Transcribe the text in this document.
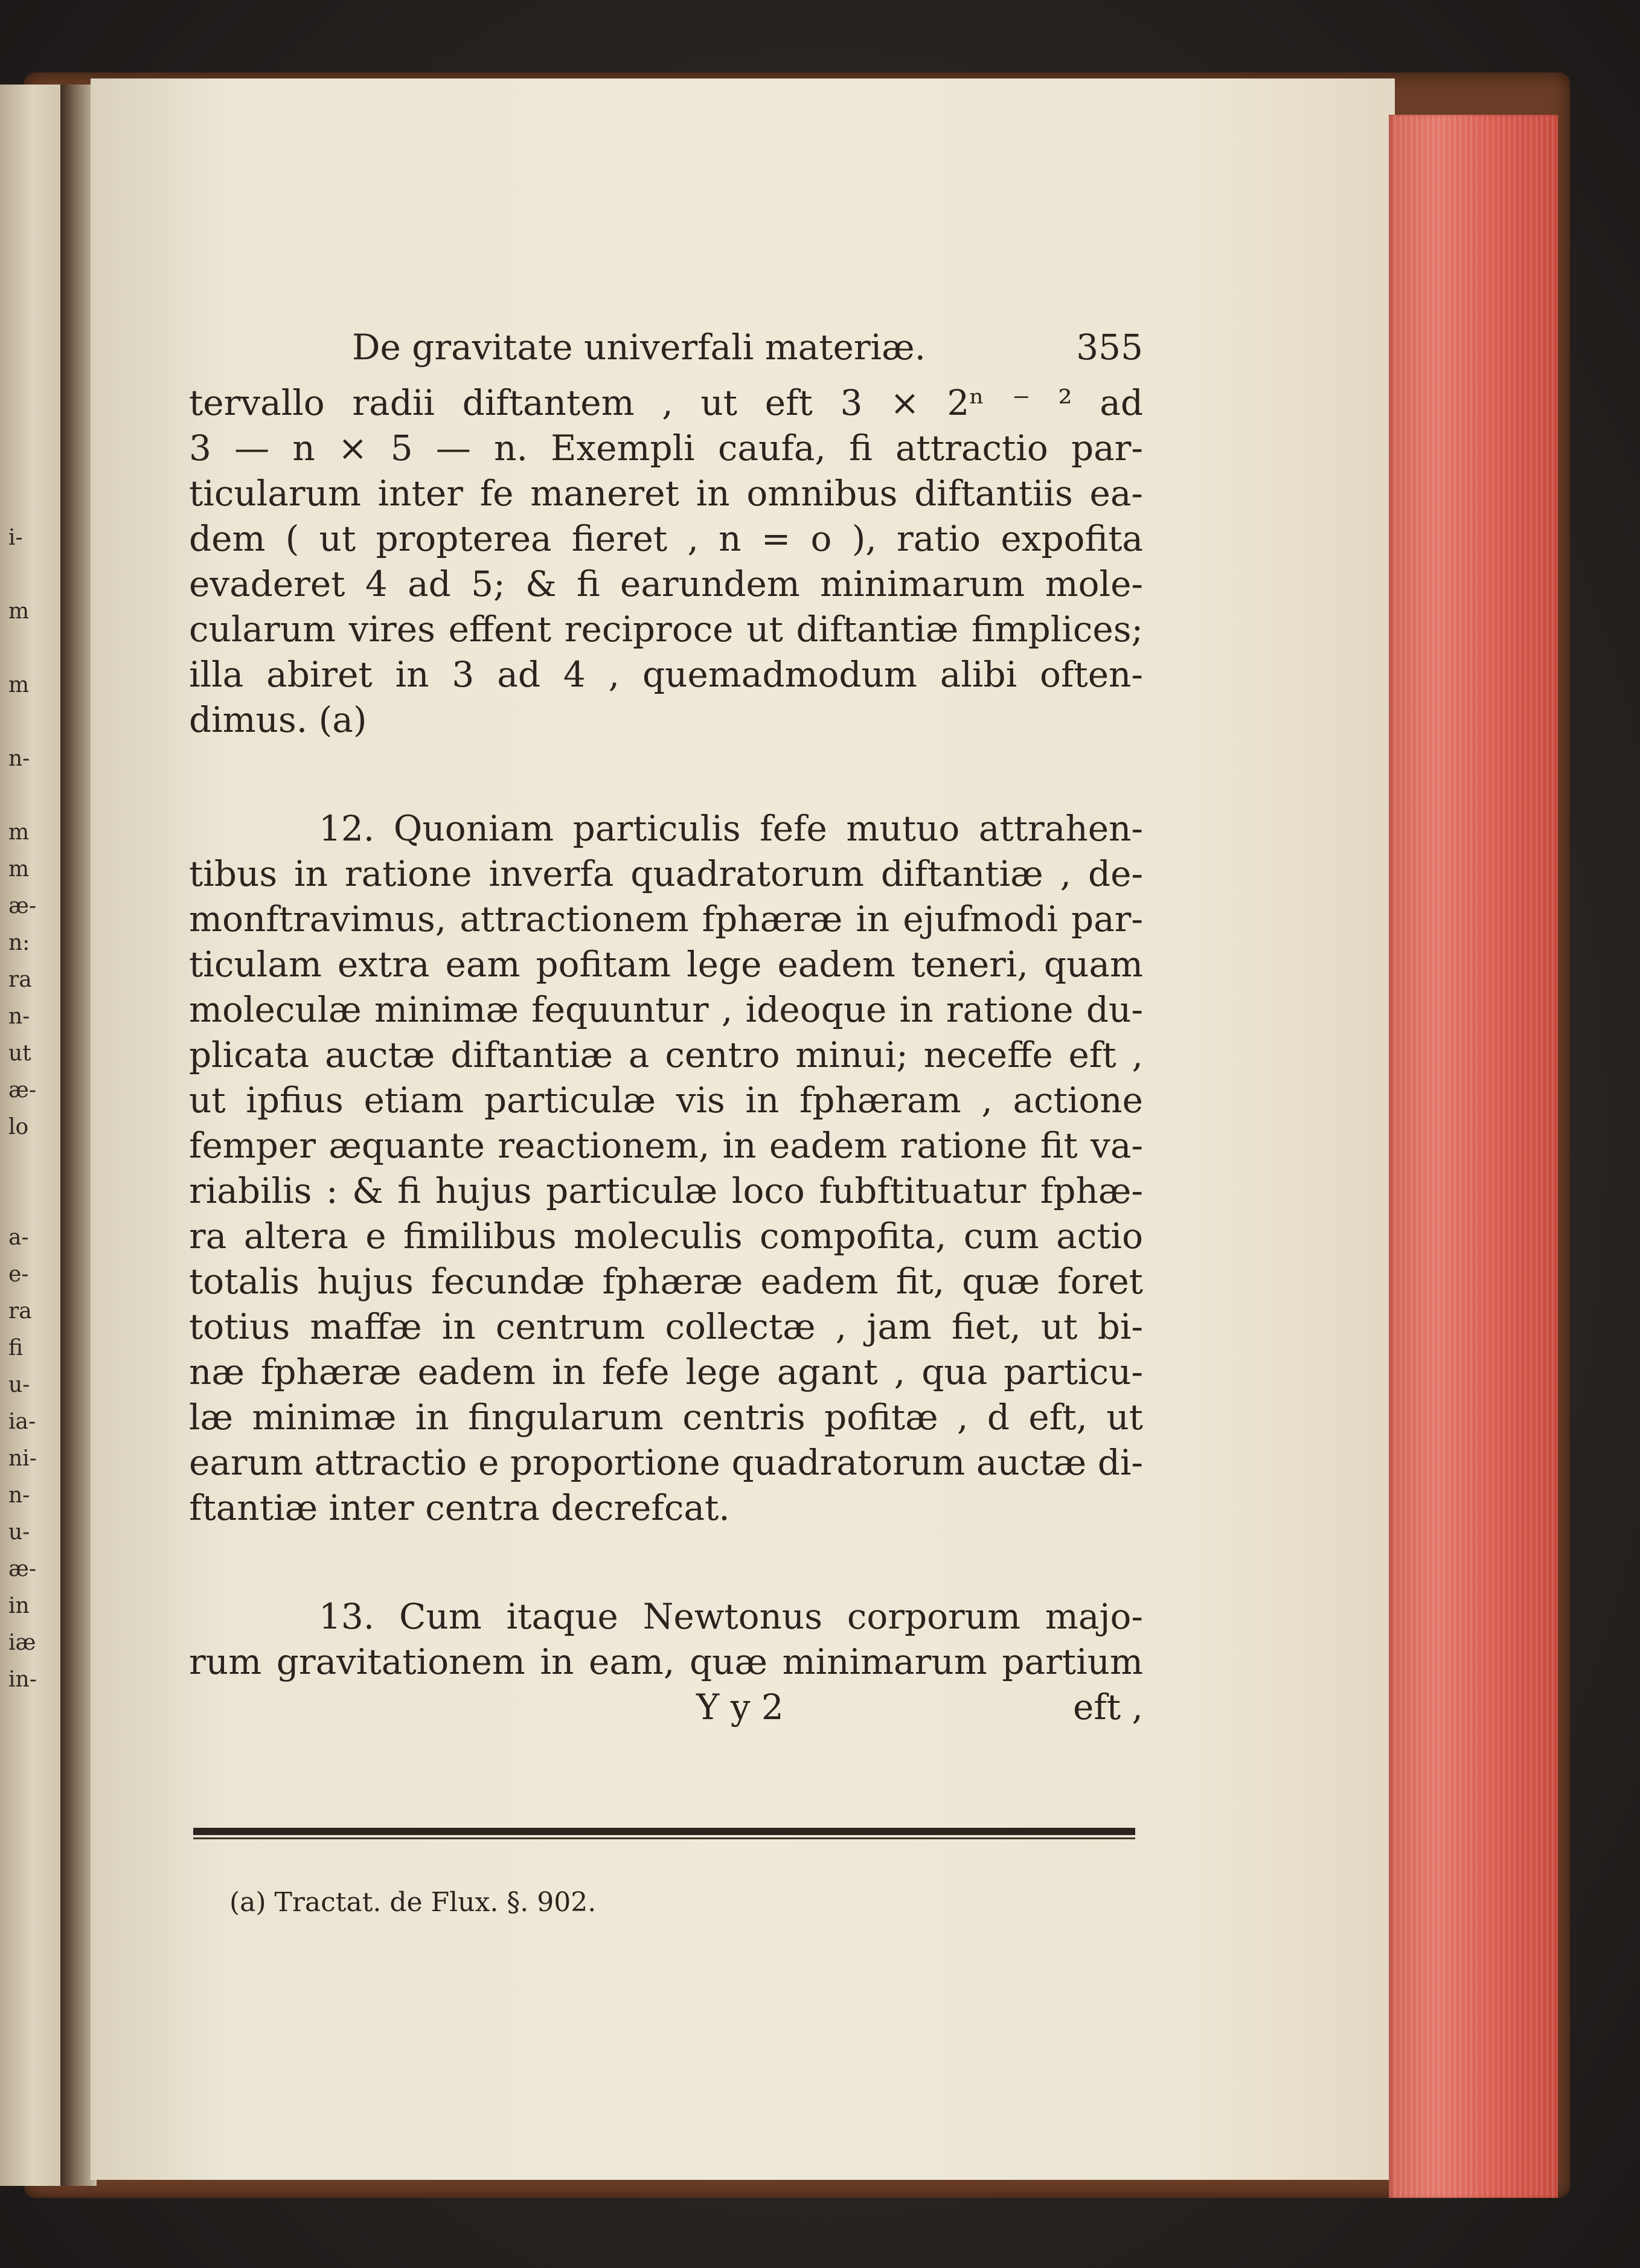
i-
m
m
n-
m
m
æ-
n:
ra
n-
ut
æ-
lo
a-
e-
ra
fi
u-
ia-
ni-
n-
u-
æ-
in
iæ
in-
De gravitate univerfali materiæ.	355
tervallo radii diftantem , ut eft 3 × 2ⁿ ⁻ ² ad
3 — n × 5 — n. Exempli caufa, fi attractio par-
ticularum inter fe maneret in omnibus diftantiis ea-
dem ( ut propterea fieret , n = o ), ratio expofita
evaderet 4 ad 5; & fi earundem minimarum mole-
cularum vires effent reciproce ut diftantiæ fimplices;
illa abiret in 3 ad 4 , quemadmodum alibi often-
dimus. (a)
12. Quoniam particulis fefe mutuo attrahen-
tibus in ratione inverfa quadratorum diftantiæ , de-
monftravimus, attractionem fphæræ in ejufmodi par-
ticulam extra eam pofitam lege eadem teneri, quam
moleculæ minimæ fequuntur , ideoque in ratione du-
plicata auctæ diftantiæ a centro minui; neceffe eft ,
ut ipfius etiam particulæ vis in fphæram , actione
femper æquante reactionem, in eadem ratione fit va-
riabilis : & fi hujus particulæ loco fubftituatur fphæ-
ra altera e fimilibus moleculis compofita, cum actio
totalis hujus fecundæ fphæræ eadem fit, quæ foret
totius maffæ in centrum collectæ , jam fiet, ut bi-
næ fphæræ eadem in fefe lege agant , qua particu-
læ minimæ in fingularum centris pofitæ , d eft, ut
earum attractio e proportione quadratorum auctæ di-
ftantiæ inter centra decrefcat.
13. Cum itaque Newtonus corporum majo-
rum gravitationem in eam, quæ minimarum partium
Y y 2	eft ,
(a) Tractat. de Flux. §. 902.
